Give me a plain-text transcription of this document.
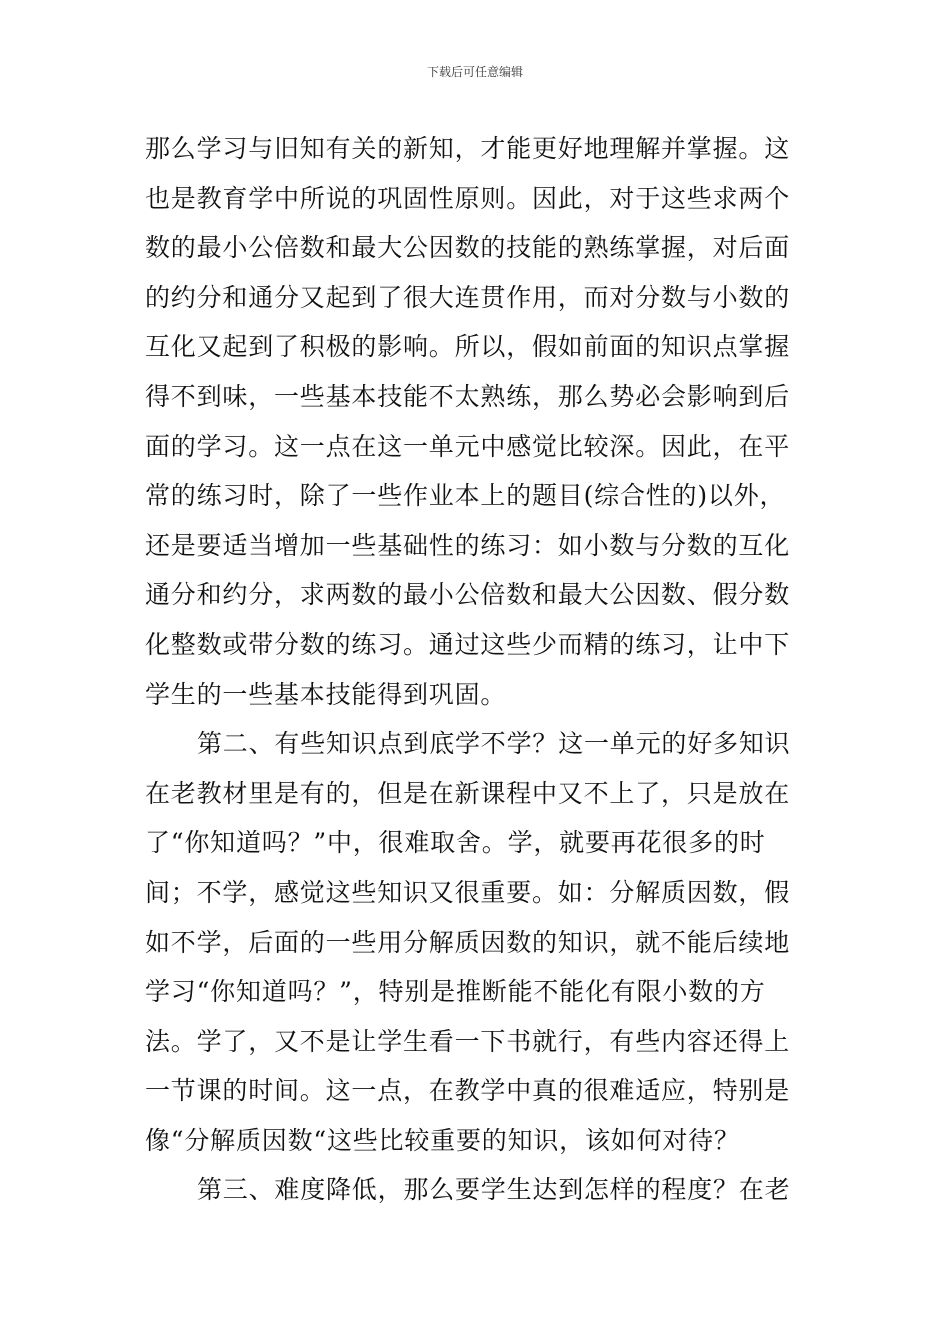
下载后可任意编辑
那么学习与旧知有关的新知，才能更好地理解并掌握。这
也是教育学中所说的巩固性原则。因此，对于这些求两个
数的最小公倍数和最大公因数的技能的熟练掌握，对后面
的约分和通分又起到了很大连贯作用，而对分数与小数的
互化又起到了积极的影响。所以，假如前面的知识点掌握
得不到味，一些基本技能不太熟练，那么势必会影响到后
面的学习。这一点在这一单元中感觉比较深。因此，在平
常的练习时，除了一些作业本上的题目(综合性的)以外，
还是要适当增加一些基础性的练习：如小数与分数的互化
通分和约分，求两数的最小公倍数和最大公因数、假分数
化整数或带分数的练习。通过这些少而精的练习，让中下
学生的一些基本技能得到巩固。
第二、有些知识点到底学不学？这一单元的好多知识
在老教材里是有的，但是在新课程中又不上了，只是放在
了“你知道吗？”中，很难取舍。学，就要再花很多的时
间；不学，感觉这些知识又很重要。如：分解质因数，假
如不学，后面的一些用分解质因数的知识，就不能后续地
学习“你知道吗？”，特别是推断能不能化有限小数的方
法。学了，又不是让学生看一下书就行，有些内容还得上
一节课的时间。这一点，在教学中真的很难适应，特别是
像“分解质因数“这些比较重要的知识，该如何对待？
第三、难度降低，那么要学生达到怎样的程度？在老
